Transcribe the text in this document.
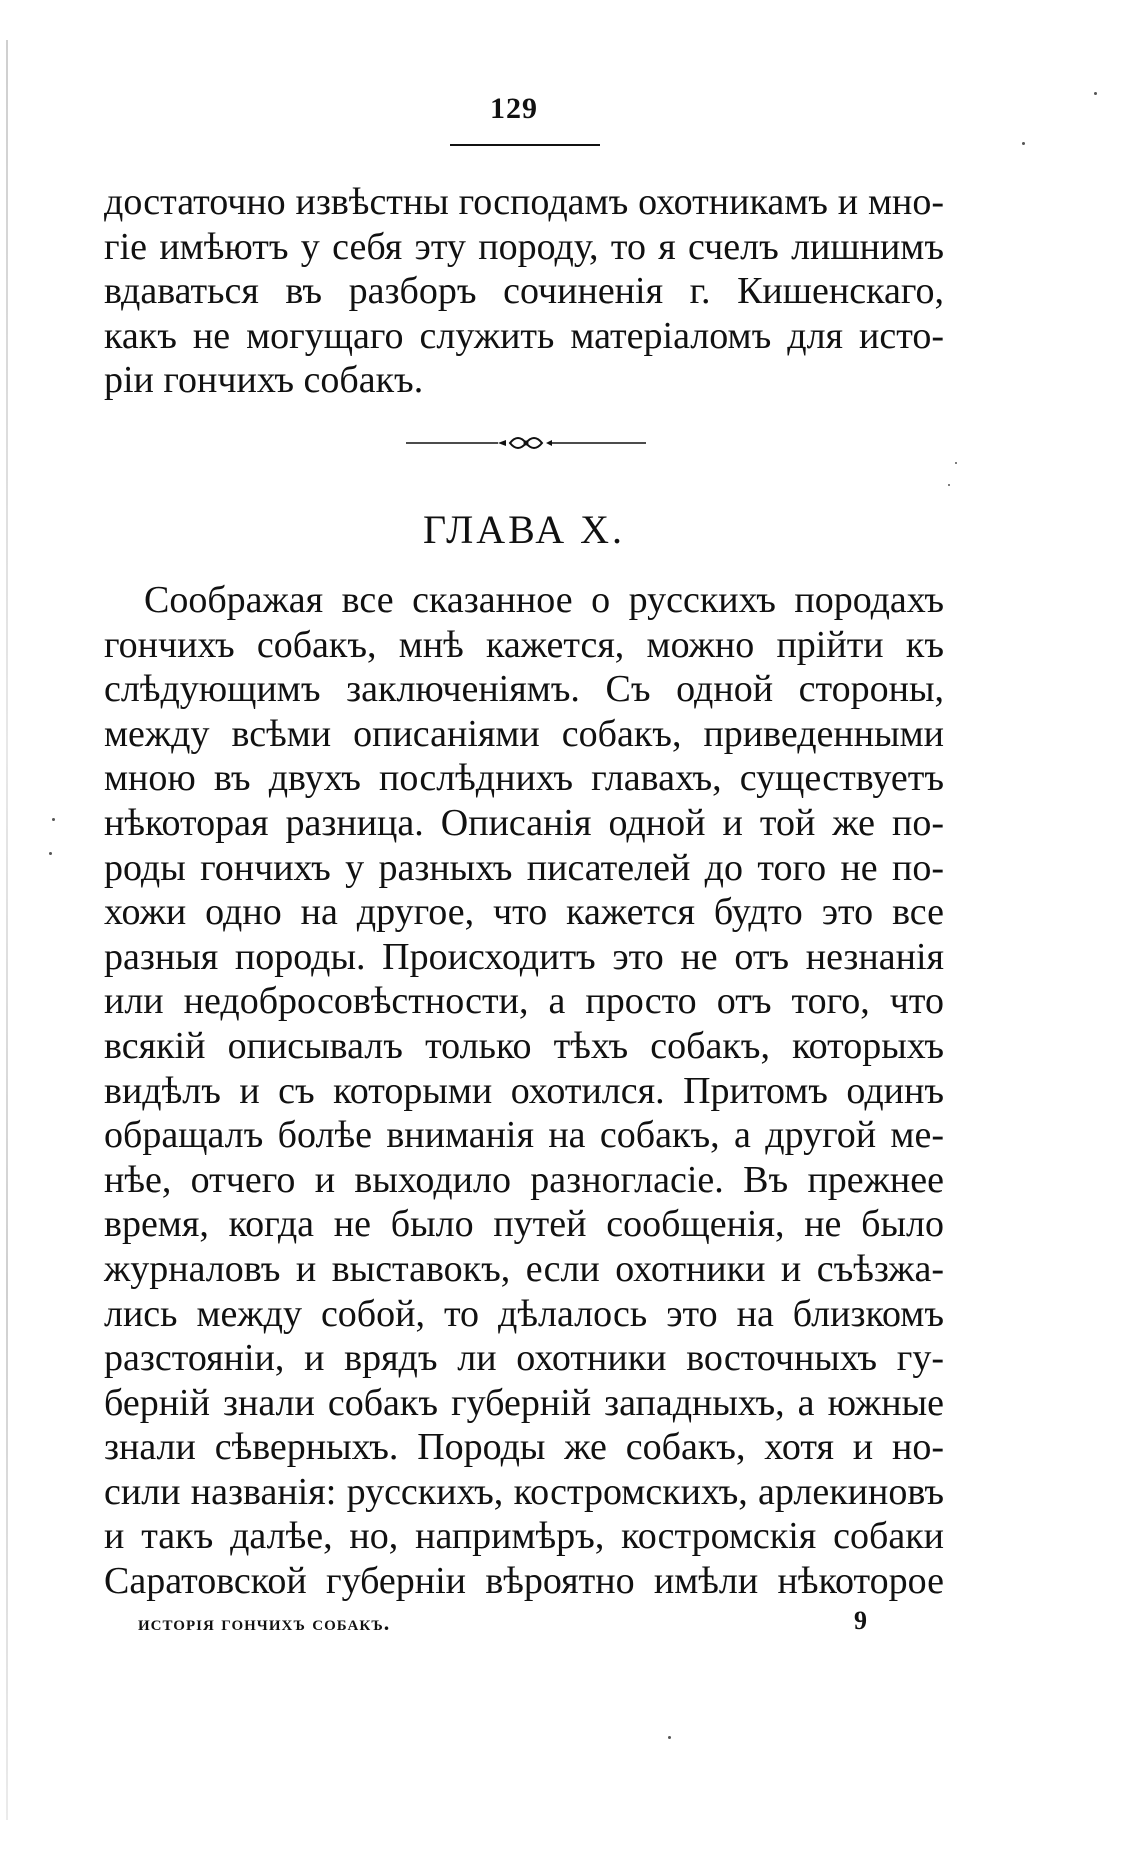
129
достаточно извѣстны господамъ охотникамъ и мно-
гіе имѣютъ у себя эту породу, то я счелъ лишнимъ
вдаваться въ разборъ сочиненія г. Кишенскаго,
какъ не могущаго служить матеріаломъ для исто-
ріи гончихъ собакъ.
ГЛАВА X.
Соображая все сказанное о русскихъ породахъ
гончихъ собакъ, мнѣ кажется, можно прійти къ
слѣдующимъ заключеніямъ. Съ одной стороны,
между всѣми описаніями собакъ, приведенными
мною въ двухъ послѣднихъ главахъ, существуетъ
нѣкоторая разница. Описанія одной и той же по-
роды гончихъ у разныхъ писателей до того не по-
хожи одно на другое, что кажется будто это все
разныя породы. Происходитъ это не отъ незнанія
или недобросовѣстности, а просто отъ того, что
всякій описывалъ только тѣхъ собакъ, которыхъ
видѣлъ и съ которыми охотился. Притомъ одинъ
обращалъ болѣе вниманія на собакъ, а другой ме-
нѣе, отчего и выходило разногласіе. Въ прежнее
время, когда не было путей сообщенія, не было
журналовъ и выставокъ, если охотники и съѣзжа-
лись между собой, то дѣлалось это на близкомъ
разстояніи, и врядъ ли охотники восточныхъ гу-
берній знали собакъ губерній западныхъ, а южные
знали сѣверныхъ. Породы же собакъ, хотя и но-
сили названія: русскихъ, костромскихъ, арлекиновъ
и такъ далѣе, но, напримѣръ, костромскія собаки
Саратовской губерніи вѣроятно имѣли нѣкоторое
исторія гончихъ собакъ.	9
